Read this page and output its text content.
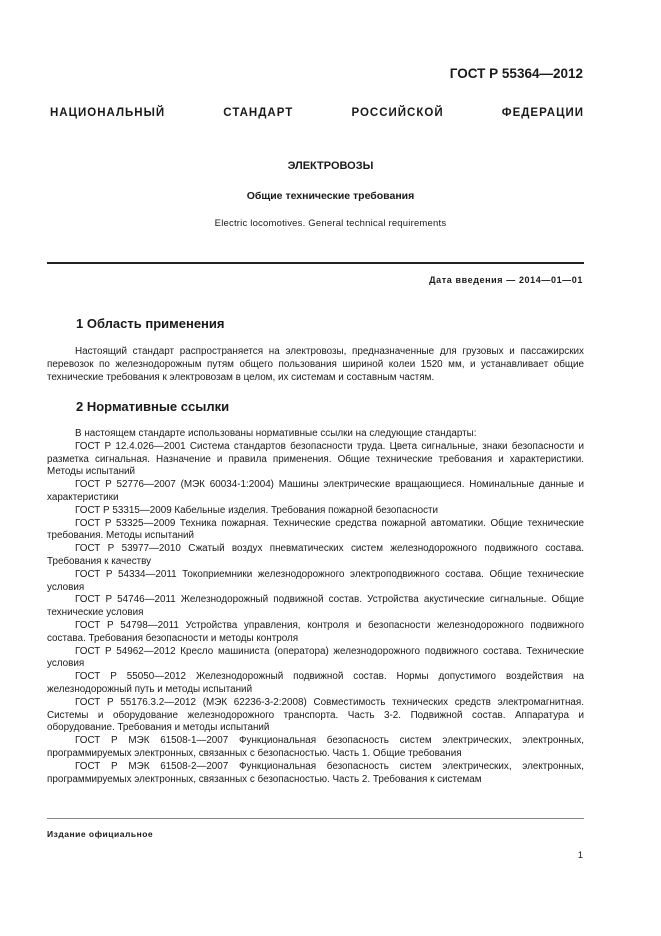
ГОСТ Р 55364—2012
НАЦИОНАЛЬНЫЙ СТАНДАРТ РОССИЙСКОЙ ФЕДЕРАЦИИ
ЭЛЕКТРОВОЗЫ
Общие технические требования
Electric locomotives. General technical requirements
Дата введения — 2014—01—01
1 Область применения

Настоящий стандарт распространяется на электровозы, предназначенные для грузовых и пассажирских перевозок по железнодорожным путям общего пользования шириной колеи 1520 мм, и устанавливает общие технические требования к электровозам в целом, их системам и составным частям.

2 Нормативные ссылки

В настоящем стандарте использованы нормативные ссылки на следующие стандарты:

ГОСТ Р 12.4.026—2001 Система стандартов безопасности труда. Цвета сигнальные, знаки безопасности и разметка сигнальная. Назначение и правила применения. Общие технические требования и характеристики. Методы испытаний

ГОСТ Р 52776—2007 (МЭК 60034-1:2004) Машины электрические вращающиеся. Номинальные данные и характеристики

ГОСТ Р 53315—2009 Кабельные изделия. Требования пожарной безопасности

ГОСТ Р 53325—2009 Техника пожарная. Технические средства пожарной автоматики. Общие технические требования. Методы испытаний

ГОСТ Р 53977—2010 Сжатый воздух пневматических систем железнодорожного подвижного состава. Требования к качеству

ГОСТ Р 54334—2011 Токоприемники железнодорожного электроподвижного состава. Общие технические условия

ГОСТ Р 54746—2011 Железнодорожный подвижной состав. Устройства акустические сигнальные. Общие технические условия

ГОСТ Р 54798—2011 Устройства управления, контроля и безопасности железнодорожного подвижного состава. Требования безопасности и методы контроля

ГОСТ Р 54962—2012 Кресло машиниста (оператора) железнодорожного подвижного состава. Технические условия

ГОСТ Р 55050—2012 Железнодорожный подвижной состав. Нормы допустимого воздействия на железнодорожный путь и методы испытаний

ГОСТ Р 55176.3.2—2012 (МЭК 62236-3-2:2008) Совместимость технических средств электромагнитная. Системы и оборудование железнодорожного транспорта. Часть 3-2. Подвижной состав. Аппаратура и оборудование. Требования и методы испытаний

ГОСТ Р МЭК 61508-1—2007 Функциональная безопасность систем электрических, электронных, программируемых электронных, связанных с безопасностью. Часть 1. Общие требования

ГОСТ Р МЭК 61508-2—2007 Функциональная безопасность систем электрических, электронных, программируемых электронных, связанных с безопасностью. Часть 2. Требования к системам

Издание официальное
1
